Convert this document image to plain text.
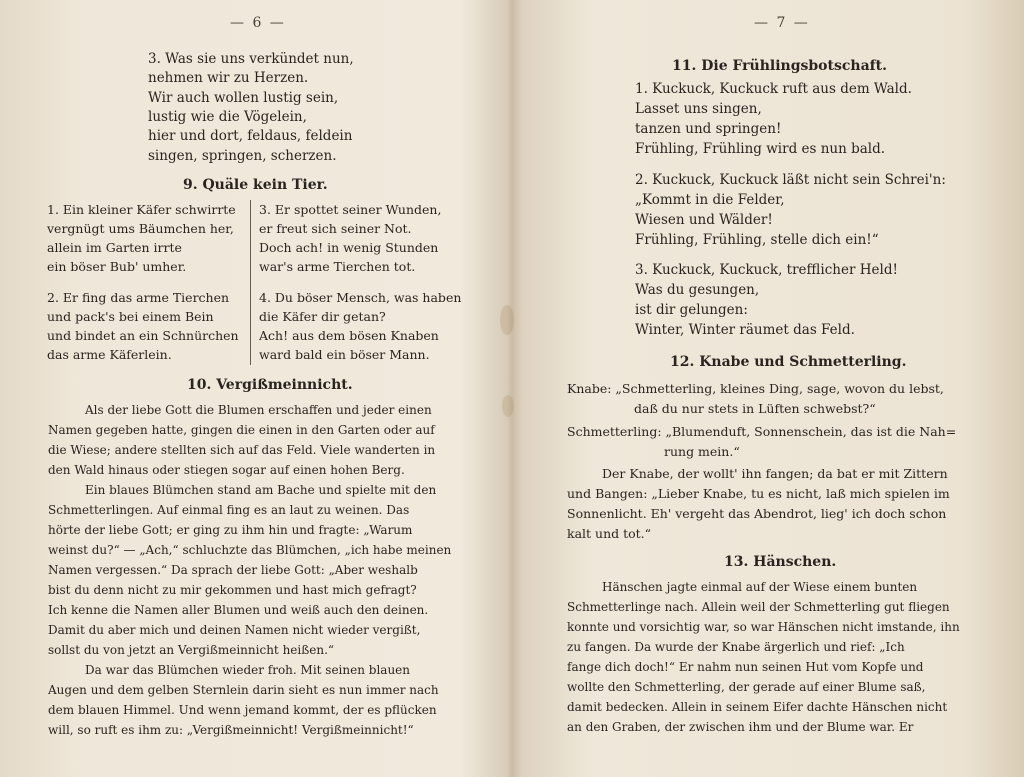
— 6 —
3. Was sie uns verkündet nun,
nehmen wir zu Herzen.
Wir auch wollen lustig sein,
lustig wie die Vögelein,
hier und dort, feldaus, feldein
singen, springen, scherzen.
9. Quäle kein Tier.
1. Ein kleiner Käfer schwirrte
vergnügt ums Bäumchen her,
allein im Garten irrte
ein böser Bub' umher.
2. Er fing das arme Tierchen
und pack's bei einem Bein
und bindet an ein Schnürchen
das arme Käferlein.
3. Er spottet seiner Wunden,
er freut sich seiner Not.
Doch ach! in wenig Stunden
war's arme Tierchen tot.
4. Du böser Mensch, was haben
die Käfer dir getan?
Ach! aus dem bösen Knaben
ward bald ein böser Mann.
10. Vergißmeinnicht.
Als der liebe Gott die Blumen erschaffen und jeder einen
Namen gegeben hatte, gingen die einen in den Garten oder auf
die Wiese; andere stellten sich auf das Feld. Viele wanderten in
den Wald hinaus oder stiegen sogar auf einen hohen Berg.
Ein blaues Blümchen stand am Bache und spielte mit den
Schmetterlingen. Auf einmal fing es an laut zu weinen. Das
hörte der liebe Gott; er ging zu ihm hin und fragte: „Warum
weinst du?“ — „Ach,“ schluchzte das Blümchen, „ich habe meinen
Namen vergessen.“ Da sprach der liebe Gott: „Aber weshalb
bist du denn nicht zu mir gekommen und hast mich gefragt?
Ich kenne die Namen aller Blumen und weiß auch den deinen.
Damit du aber mich und deinen Namen nicht wieder vergißt,
sollst du von jetzt an Vergißmeinnicht heißen.“
Da war das Blümchen wieder froh. Mit seinen blauen
Augen und dem gelben Sternlein darin sieht es nun immer nach
dem blauen Himmel. Und wenn jemand kommt, der es pflücken
will, so ruft es ihm zu: „Vergißmeinnicht! Vergißmeinnicht!“
— 7 —
11. Die Frühlingsbotschaft.
1. Kuckuck, Kuckuck ruft aus dem Wald.
Lasset uns singen,
tanzen und springen!
Frühling, Frühling wird es nun bald.
2. Kuckuck, Kuckuck läßt nicht sein Schrei'n:
„Kommt in die Felder,
Wiesen und Wälder!
Frühling, Frühling, stelle dich ein!“
3. Kuckuck, Kuckuck, trefflicher Held!
Was du gesungen,
ist dir gelungen:
Winter, Winter räumet das Feld.
12. Knabe und Schmetterling.
Knabe: „Schmetterling, kleines Ding, sage, wovon du lebst,
daß du nur stets in Lüften schwebst?“
Schmetterling: „Blumenduft, Sonnenschein, das ist die Nah=
rung mein.“
Der Knabe, der wollt' ihn fangen; da bat er mit Zittern
und Bangen: „Lieber Knabe, tu es nicht, laß mich spielen im
Sonnenlicht. Eh' vergeht das Abendrot, lieg' ich doch schon
kalt und tot.“
13. Hänschen.
Hänschen jagte einmal auf der Wiese einem bunten
Schmetterlinge nach. Allein weil der Schmetterling gut fliegen
konnte und vorsichtig war, so war Hänschen nicht imstande, ihn
zu fangen. Da wurde der Knabe ärgerlich und rief: „Ich
fange dich doch!“ Er nahm nun seinen Hut vom Kopfe und
wollte den Schmetterling, der gerade auf einer Blume saß,
damit bedecken. Allein in seinem Eifer dachte Hänschen nicht
an den Graben, der zwischen ihm und der Blume war. Er
